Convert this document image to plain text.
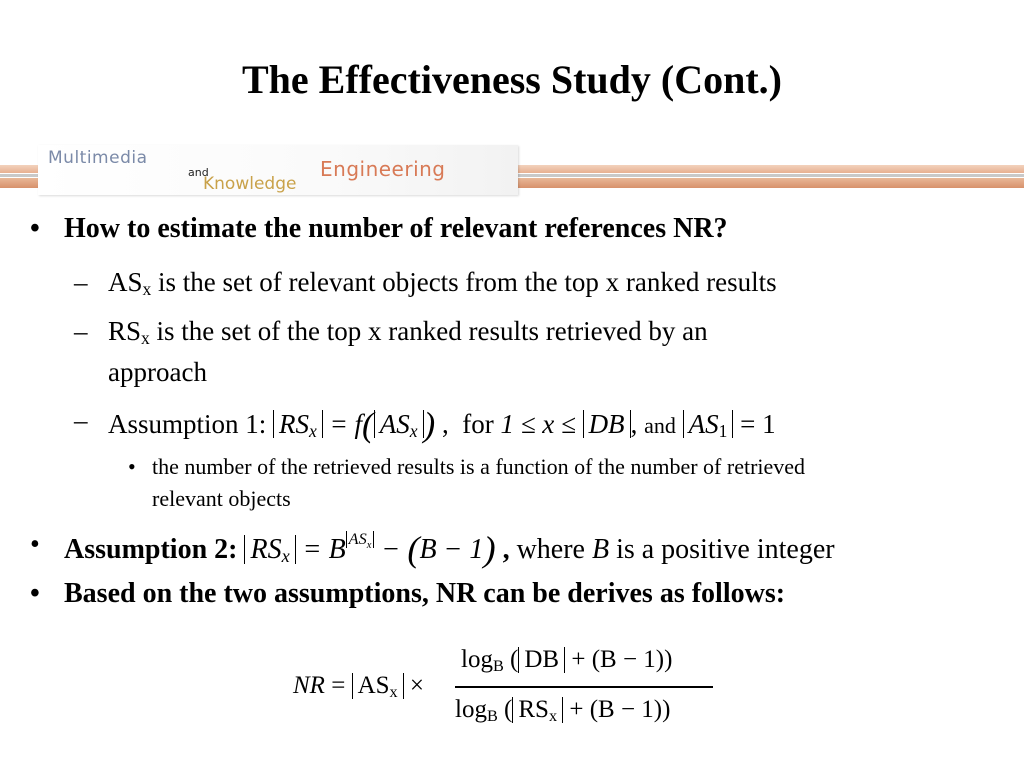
The Effectiveness Study (Cont.)
Multimedia
and
Knowledge
Engineering
• How to estimate the number of relevant references NR?
– $AS_x$ is the set of relevant objects from the top x ranked results
– $RS_x$ is the set of the top x ranked results retrieved by an
approach
– Assumption 1: $RS_x = f$( $AS_x$ ) , for 1 ≤ x ≤ DB , and $AS_1 = 1$
• the number of the retrieved results is a function of the number of retrieved
relevant objects
• Assumption 2: $RS_x = B$ $^{AS_x}$ − (B − 1) , where B is a positive integer
• Based on the two assumptions, NR can be derives as follows:
NR = $AS_x$ ×
$\log_B$ ( DB + (B − 1))
$\log_B$ ( $RS_x + (B - 1)$)
